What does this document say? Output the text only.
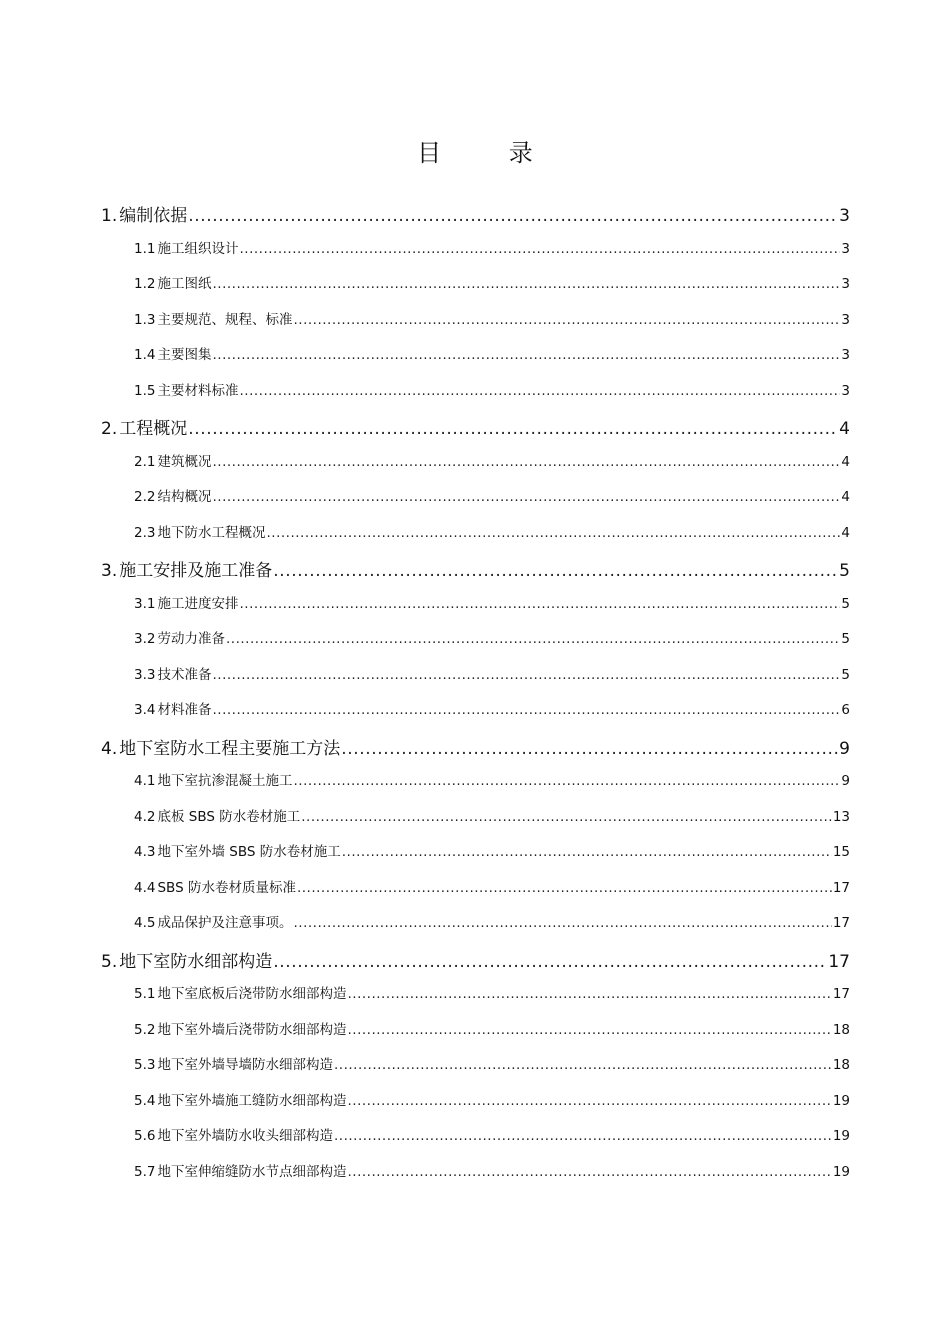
目 录
1. 编制依据 .....	3
1.1 施工组织设计 .....	3
1.2 施工图纸 .....	3
1.3 主要规范、规程、标准 .....	3
1.4 主要图集 .....	3
1.5 主要材料标准 .....	3
2. 工程概况 .....	4
2.1 建筑概况 .....	4
2.2 结构概况 .....	4
2.3 地下防水工程概况 .....	4
3. 施工安排及施工准备 .....	5
3.1 施工进度安排 .....	5
3.2 劳动力准备 .....	5
3.3 技术准备 .....	5
3.4 材料准备 .....	6
4. 地下室防水工程主要施工方法 .....	9
4.1 地下室抗渗混凝土施工 .....	9
4.2 底板 SBS 防水卷材施工 .....	13
4.3 地下室外墙 SBS 防水卷材施工 .....	15
4.4 SBS 防水卷材质量标准 .....	17
4.5 成品保护及注意事项。 .....	17
5. 地下室防水细部构造 .....	17
5.1 地下室底板后浇带防水细部构造 .....	17
5.2 地下室外墙后浇带防水细部构造 .....	18
5.3 地下室外墙导墙防水细部构造 .....	18
5.4 地下室外墙施工缝防水细部构造 .....	19
5.6 地下室外墙防水收头细部构造 .....	19
5.7 地下室伸缩缝防水节点细部构造 .....	19
